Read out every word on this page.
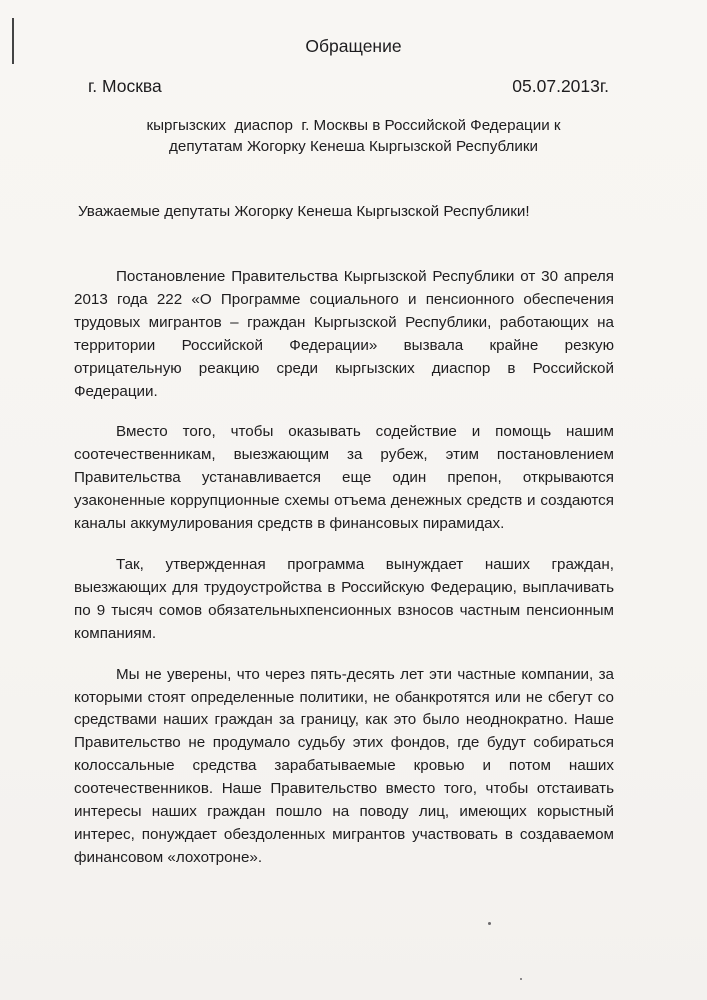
Обращение
г. Москва	05.07.2013г.
кыргызских  диаспор  г. Москвы в Российской Федерации к
депутатам Жогорку Кенеша Кыргызской Республики
Уважаемые депутаты Жогорку Кенеша Кыргызской Республики!

Постановление Правительства Кыргызской Республики от 30 апреля 2013 года 222 «О Программе социального и пенсионного обеспечения трудовых мигрантов – граждан Кыргызской Республики, работающих на территории Российской Федерации» вызвала крайне резкую отрицательную реакцию среди кыргызских диаспор в Российской Федерации.

Вместо того, чтобы оказывать содействие и помощь нашим соотечественникам, выезжающим за рубеж, этим постановлением Правительства устанавливается еще один препон, открываются узаконенные коррупционные схемы отъема денежных средств и создаются каналы аккумулирования средств в финансовых пирамидах.

Так, утвержденная программа вынуждает наших граждан, выезжающих для трудоустройства в Российскую Федерацию, выплачивать по 9 тысяч сомов обязательныхпенсионных взносов частным пенсионным компаниям.

Мы не уверены, что через пять-десять лет эти частные компании, за которыми стоят определенные политики, не обанкротятся или не сбегут со средствами наших граждан за границу, как это было неоднократно. Наше Правительство не продумало судьбу этих фондов, где будут собираться колоссальные средства зарабатываемые кровью и потом наших соотечественников. Наше Правительство вместо того, чтобы отстаивать интересы наших граждан пошло на поводу лиц, имеющих корыстный интерес, понуждает обездоленных мигрантов участвовать в создаваемом финансовом «лохотроне».
